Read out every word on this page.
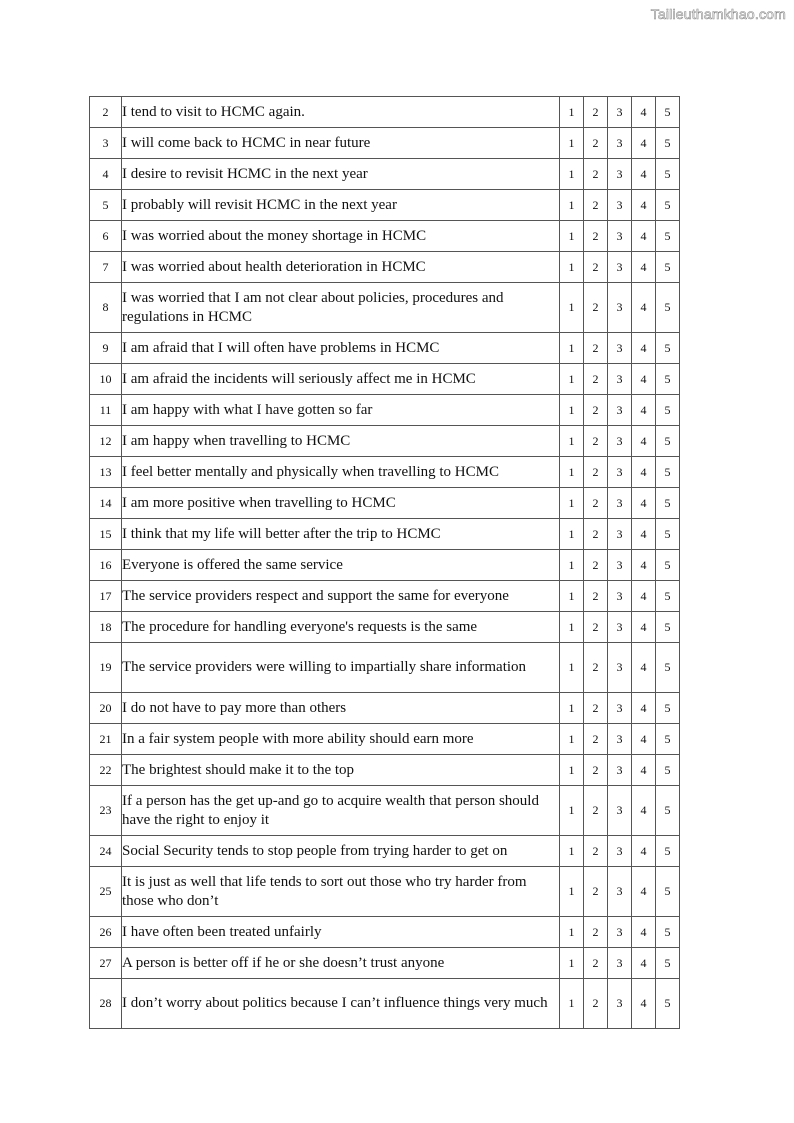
Tailieuthamkhao.com
2	I tend to visit to HCMC again.	1	2	3	4	5
3	I will come back to HCMC in near future	1	2	3	4	5
4	I desire to revisit HCMC in the next year	1	2	3	4	5
5	I probably will revisit HCMC in the next year	1	2	3	4	5
6	I was worried about the money shortage in HCMC	1	2	3	4	5
7	I was worried about health deterioration in HCMC	1	2	3	4	5
8	I was worried that I am not clear about policies, procedures and regulations in HCMC	1	2	3	4	5
9	I am afraid that I will often have problems in HCMC	1	2	3	4	5
10	I am afraid the incidents will seriously affect me in HCMC	1	2	3	4	5
11	I am happy with what I have gotten so far	1	2	3	4	5
12	I am happy when travelling to HCMC	1	2	3	4	5
13	I feel better mentally and physically when travelling to HCMC	1	2	3	4	5
14	I am more positive when travelling to HCMC	1	2	3	4	5
15	I think that my life will better after the trip to HCMC	1	2	3	4	5
16	Everyone is offered the same service	1	2	3	4	5
17	The service providers respect and support the same for everyone	1	2	3	4	5
18	The procedure for handling everyone's requests is the same	1	2	3	4	5
19	The service providers were willing to impartially share information	1	2	3	4	5
20	I do not have to pay more than others	1	2	3	4	5
21	In a fair system people with more ability should earn more	1	2	3	4	5
22	The brightest should make it to the top	1	2	3	4	5
23	If a person has the get up-and go to acquire wealth that person should have the right to enjoy it	1	2	3	4	5
24	Social Security tends to stop people from trying harder to get on	1	2	3	4	5
25	It is just as well that life tends to sort out those who try harder from those who don’t	1	2	3	4	5
26	I have often been treated unfairly	1	2	3	4	5
27	A person is better off if he or she doesn’t trust anyone	1	2	3	4	5
28	I don’t worry about politics because I can’t influence things very much	1	2	3	4	5
